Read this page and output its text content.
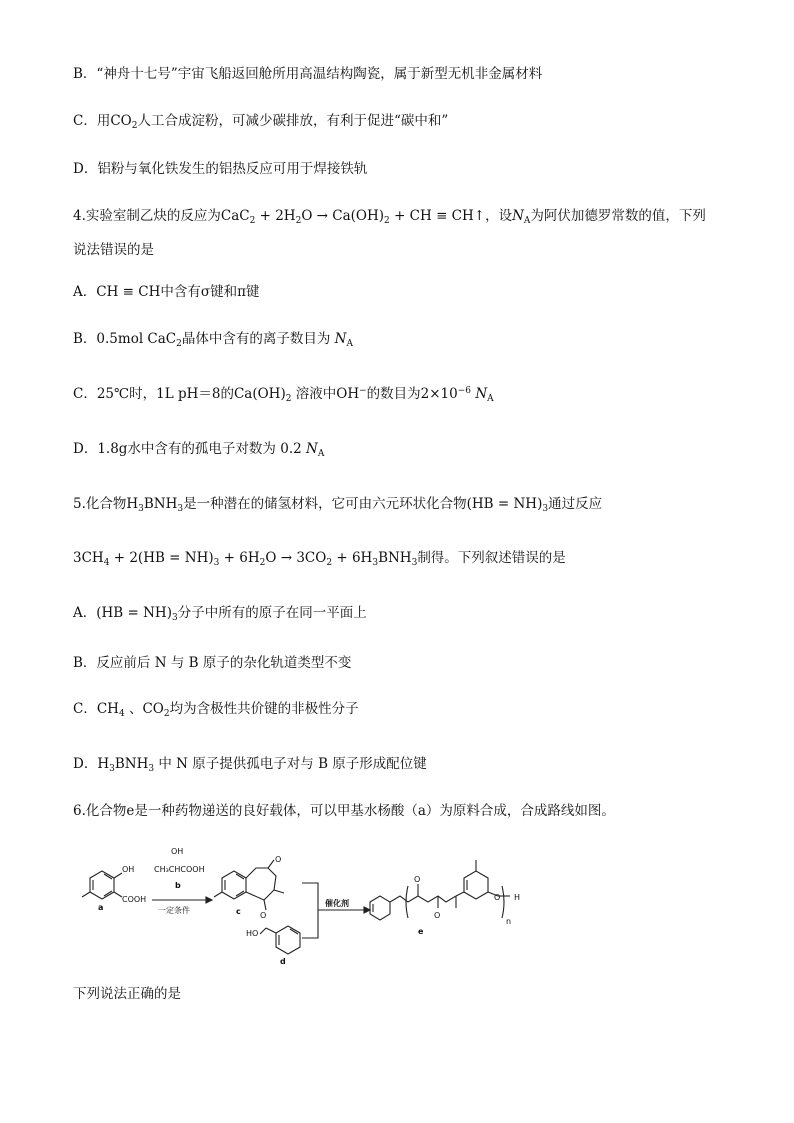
B．“神舟十七号”宇宙飞船返回舱所用高温结构陶瓷，属于新型无机非金属材料
C．用$CO_2$人工合成淀粉，可减少碳排放，有利于促进“碳中和”
D．铝粉与氧化铁发生的铝热反应可用于焊接铁轨
4.实验室制乙炔的反应为$CaC_2 + 2H_2O \to Ca(OH)_2$ + CH ≡ CH↑，设$N_A$为阿伏加德罗常数的值，下列
说法错误的是
A．CH ≡ CH中含有σ键和π键
B．0.5mol CaC$_2$晶体中含有的离子数目为 $N_A$
C．25℃时，1L pH＝8的$Ca(OH)_2$ 溶液中OH−的数目为$2\times 10^{-6}$ $N_A$
D．1.8g水中含有的孤电子对数为 0.2 $N_A$
5.化合物$H_3BNH_3$是一种潜在的储氢材料，它可由六元环状化合物$(HB = NH)_3$通过反应
$3CH_4 + 2(HB = NH)_3 + 6H_2O \to 3CO_2 + 6H_3BNH_3$制得。下列叙述错误的是
A．$(HB = NH)_3$分子中所有的原子在同一平面上
B．反应前后 N 与 B 原子的杂化轨道类型不变
C．$CH_4$ 、$CO_2$均为含极性共价键的非极性分子
D．$H_3BNH_3$ 中 N 原子提供孤电子对与 B 原子形成配位键
6.化合物e是一种药物递送的良好载体，可以甲基水杨酸（a）为原料合成，合成路线如图。
OH
COOH
a
OH
CH₃CHCOOH
b
一定条件
O
O
c
HO
d
催化剂
O
O
O
n
H
e
下列说法正确的是
